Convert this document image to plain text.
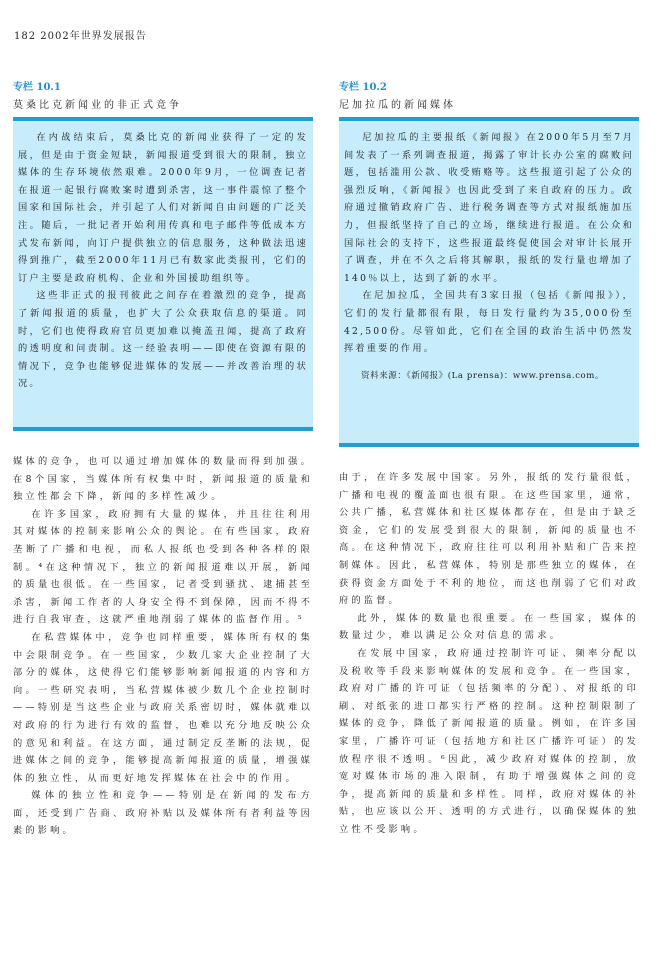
182 2002年世界发展报告
专栏 10.1
莫桑比克新闻业的非正式竞争

在内战结束后，莫桑比克的新闻业获得了一定的发展，但是由于资金短缺，新闻报道受到很大的限制，独立媒体的生存环境依然艰难。2000年9月，一位调查记者在报道一起银行腐败案时遭到杀害，这一事件震惊了整个国家和国际社会，并引起了人们对新闻自由问题的广泛关注。随后，一批记者开始利用传真和电子邮件等低成本方式发布新闻，向订户提供独立的信息服务，这种做法迅速得到推广，截至2000年11月已有数家此类报刊，它们的订户主要是政府机构、企业和外国援助组织等。

这些非正式的报刊彼此之间存在着激烈的竞争，提高了新闻报道的质量，也扩大了公众获取信息的渠道。同时，它们也使得政府官员更加难以掩盖丑闻，提高了政府的透明度和问责制。这一经验表明——即使在资源有限的情况下，竞争也能够促进媒体的发展——并改善治理的状况。

媒体的竞争，也可以通过增加媒体的数量而得到加强。在8个国家，当媒体所有权集中时，新闻报道的质量和独立性都会下降，新闻的多样性减少。

在许多国家，政府拥有大量的媒体，并且往往利用其对媒体的控制来影响公众的舆论。在有些国家，政府垄断了广播和电视，而私人报纸也受到各种各样的限制。⁴在这种情况下，独立的新闻报道难以开展，新闻的质量也很低。在一些国家，记者受到骚扰、逮捕甚至杀害，新闻工作者的人身安全得不到保障，因而不得不进行自我审查，这就严重地削弱了媒体的监督作用。⁵

在私营媒体中，竞争也同样重要，媒体所有权的集中会限制竞争。在一些国家，少数几家大企业控制了大部分的媒体，这使得它们能够影响新闻报道的内容和方向。一些研究表明，当私营媒体被少数几个企业控制时——特别是当这些企业与政府关系密切时，媒体就难以对政府的行为进行有效的监督，也难以充分地反映公众的意见和利益。在这方面，通过制定反垄断的法规，促进媒体之间的竞争，能够提高新闻报道的质量，增强媒体的独立性，从而更好地发挥媒体在社会中的作用。

媒体的独立性和竞争——特别是在新闻的发布方面，还受到广告商、政府补贴以及媒体所有者利益等因素的影响。

专栏 10.2
尼加拉瓜的新闻媒体

尼加拉瓜的主要报纸《新闻报》在2000年5月至7月间发表了一系列调查报道，揭露了审计长办公室的腐败问题，包括滥用公款、收受贿赂等。这些报道引起了公众的强烈反响，《新闻报》也因此受到了来自政府的压力。政府通过撤销政府广告、进行税务调查等方式对报纸施加压力，但报纸坚持了自己的立场，继续进行报道。在公众和国际社会的支持下，这些报道最终促使国会对审计长展开了调查，并在不久之后将其解职，报纸的发行量也增加了140％以上，达到了新的水平。

在尼加拉瓜，全国共有3家日报（包括《新闻报》），它们的发行量都很有限，每日发行量约为35,000份至42,500份。尽管如此，它们在全国的政治生活中仍然发挥着重要的作用。

资料来源：《新闻报》(La prensa)：www.prensa.com。

由于，在许多发展中国家。另外，报纸的发行量很低，广播和电视的覆盖面也很有限。在这些国家里，通常，公共广播，私营媒体和社区媒体都存在，但是由于缺乏资金，它们的发展受到很大的限制，新闻的质量也不高。在这种情况下，政府往往可以利用补贴和广告来控制媒体。因此，私营媒体，特别是那些独立的媒体，在获得资金方面处于不利的地位，而这也削弱了它们对政府的监督。

此外，媒体的数量也很重要。在一些国家，媒体的数量过少，难以满足公众对信息的需求。

在发展中国家，政府通过控制许可证、频率分配以及税收等手段来影响媒体的发展和竞争。在一些国家，政府对广播的许可证（包括频率的分配）、对报纸的印刷、对纸张的进口都实行严格的控制。这种控制限制了媒体的竞争，降低了新闻报道的质量。例如，在许多国家里，广播许可证（包括地方和社区广播许可证）的发放程序很不透明。⁶因此，减少政府对媒体的控制，放宽对媒体市场的准入限制，有助于增强媒体之间的竞争，提高新闻的质量和多样性。同样，政府对媒体的补贴，也应该以公开、透明的方式进行，以确保媒体的独立性不受影响。
